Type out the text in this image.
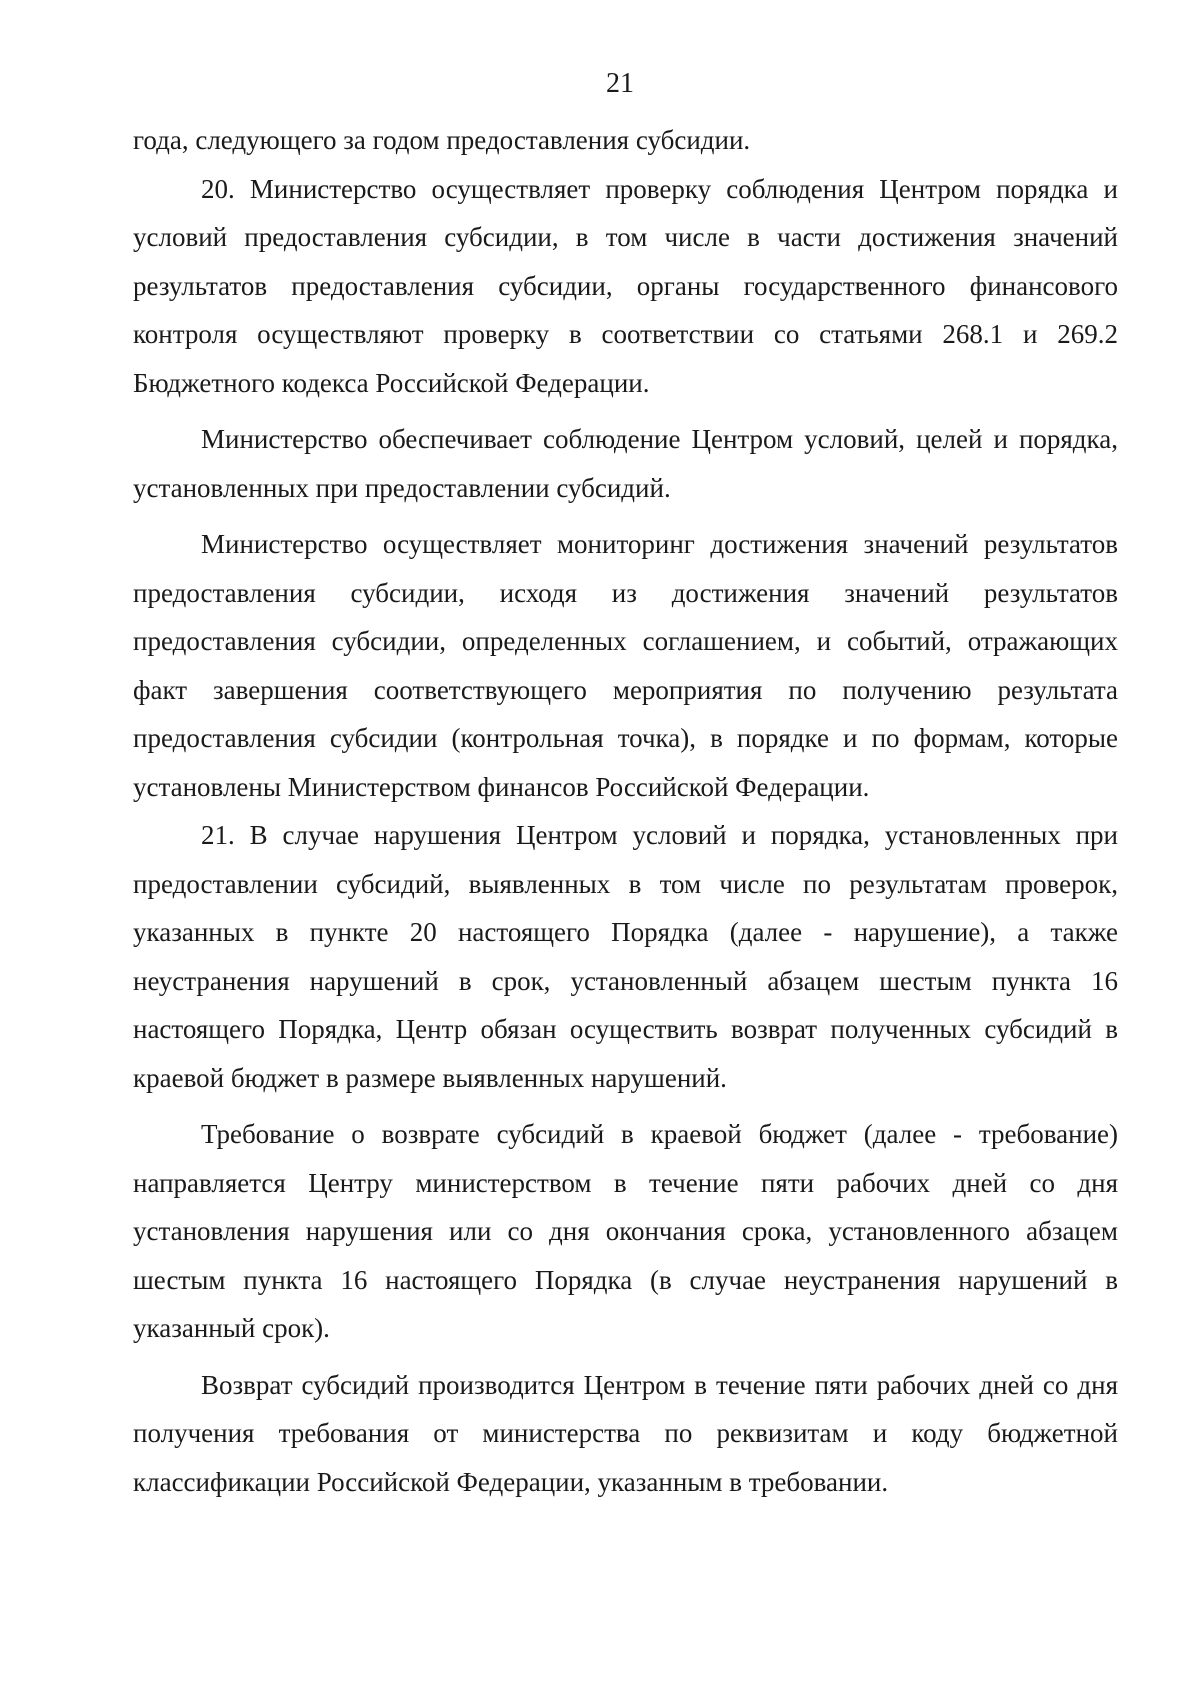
21

года, следующего за годом предоставления субсидии.

20. Министерство осуществляет проверку соблюдения Центром порядка и условий предоставления субсидии, в том числе в части достижения значений результатов предоставления субсидии, органы государственного финансового контроля осуществляют проверку в соответствии со статьями 268.1 и 269.2 Бюджетного кодекса Российской Федерации.

Министерство обеспечивает соблюдение Центром условий, целей и порядка, установленных при предоставлении субсидий.

Министерство осуществляет мониторинг достижения значений результатов предоставления субсидии, исходя из достижения значений результатов предоставления субсидии, определенных соглашением, и событий, отражающих факт завершения соответствующего мероприятия по получению результата предоставления субсидии (контрольная точка), в порядке и по формам, которые установлены Министерством финансов Российской Федерации.

21. В случае нарушения Центром условий и порядка, установленных при предоставлении субсидий, выявленных в том числе по результатам проверок, указанных в пункте 20 настоящего Порядка (далее - нарушение), а также неустранения нарушений в срок, установленный абзацем шестым пункта 16 настоящего Порядка, Центр обязан осуществить возврат полученных субсидий в краевой бюджет в размере выявленных нарушений.

Требование о возврате субсидий в краевой бюджет (далее - требование) направляется Центру министерством в течение пяти рабочих дней со дня установления нарушения или со дня окончания срока, установленного абзацем шестым пункта 16 настоящего Порядка (в случае неустранения нарушений в указанный срок).

Возврат субсидий производится Центром в течение пяти рабочих дней со дня получения требования от министерства по реквизитам и коду бюджетной классификации Российской Федерации, указанным в требовании.
